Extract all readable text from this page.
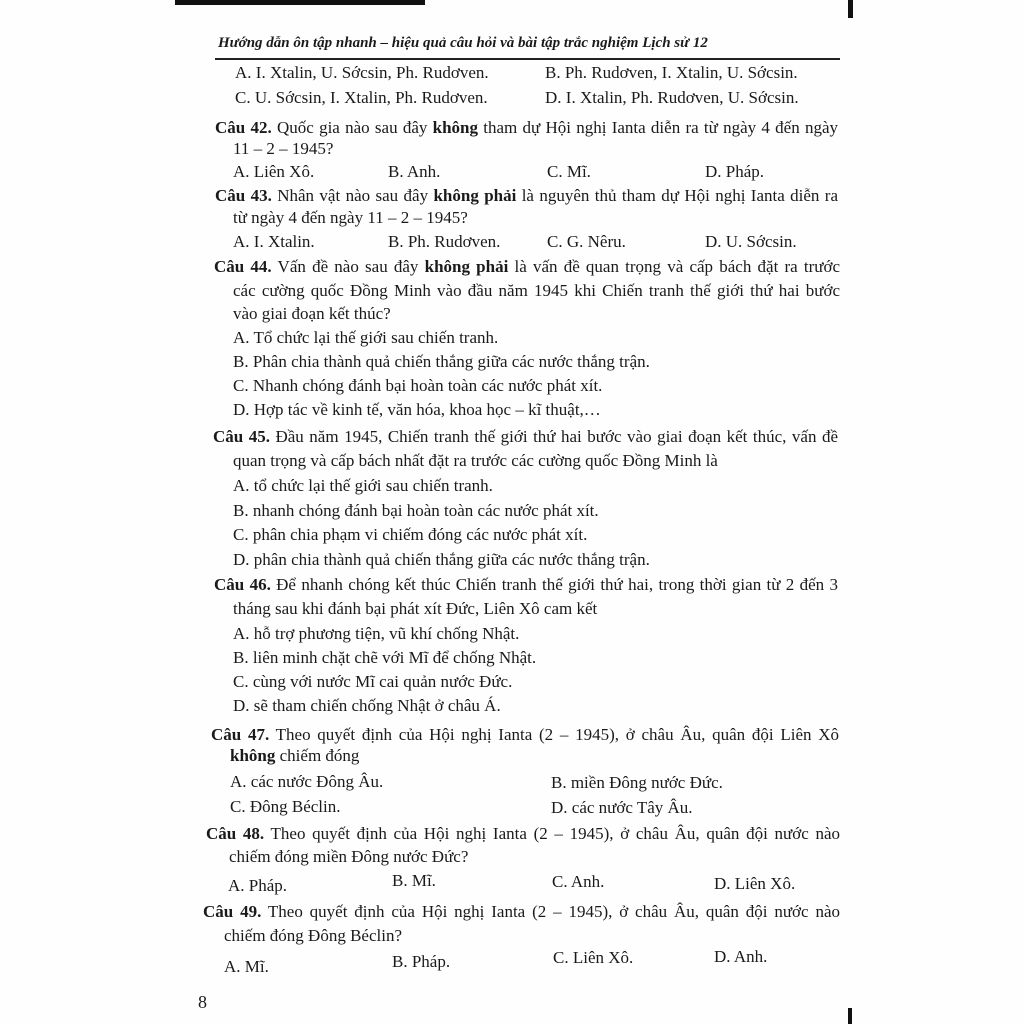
Hướng dẫn ôn tập nhanh – hiệu quả câu hỏi và bài tập trắc nghiệm Lịch sử 12
A. I. Xtalin, U. Sớcsin, Ph. Rudơven.	B. Ph. Rudơven, I. Xtalin, U. Sớcsin.
C. U. Sớcsin, I. Xtalin, Ph. Rudơven.	D. I. Xtalin, Ph. Rudơven, U. Sớcsin.
Câu 42. Quốc gia nào sau đây không tham dự Hội nghị Ianta diễn ra từ ngày 4 đến ngày
11 – 2 – 1945?
A. Liên Xô.	B. Anh.	C. Mĩ.	D. Pháp.
Câu 43. Nhân vật nào sau đây không phải là nguyên thủ tham dự Hội nghị Ianta diễn ra
từ ngày 4 đến ngày 11 – 2 – 1945?
A. I. Xtalin.	B. Ph. Rudơven.	C. G. Nêru.	D. U. Sớcsin.
Câu 44. Vấn đề nào sau đây không phải là vấn đề quan trọng và cấp bách đặt ra trước
các cường quốc Đồng Minh vào đầu năm 1945 khi Chiến tranh thế giới thứ hai bước
vào giai đoạn kết thúc?
A. Tổ chức lại thế giới sau chiến tranh.
B. Phân chia thành quả chiến thắng giữa các nước thắng trận.
C. Nhanh chóng đánh bại hoàn toàn các nước phát xít.
D. Hợp tác về kinh tế, văn hóa, khoa học – kĩ thuật,…
Câu 45. Đầu năm 1945, Chiến tranh thế giới thứ hai bước vào giai đoạn kết thúc, vấn đề
quan trọng và cấp bách nhất đặt ra trước các cường quốc Đồng Minh là
A. tổ chức lại thế giới sau chiến tranh.
B. nhanh chóng đánh bại hoàn toàn các nước phát xít.
C. phân chia phạm vi chiếm đóng các nước phát xít.
D. phân chia thành quả chiến thắng giữa các nước thắng trận.
Câu 46. Để nhanh chóng kết thúc Chiến tranh thế giới thứ hai, trong thời gian từ 2 đến 3
tháng sau khi đánh bại phát xít Đức, Liên Xô cam kết
A. hỗ trợ phương tiện, vũ khí chống Nhật.
B. liên minh chặt chẽ với Mĩ để chống Nhật.
C. cùng với nước Mĩ cai quản nước Đức.
D. sẽ tham chiến chống Nhật ở châu Á.
Câu 47. Theo quyết định của Hội nghị Ianta (2 – 1945), ở châu Âu, quân đội Liên Xô
không chiếm đóng
A. các nước Đông Âu.	B. miền Đông nước Đức.
C. Đông Béclin.	D. các nước Tây Âu.
Câu 48. Theo quyết định của Hội nghị Ianta (2 – 1945), ở châu Âu, quân đội nước nào
chiếm đóng miền Đông nước Đức?
A. Pháp.	B. Mĩ.	C. Anh.	D. Liên Xô.
Câu 49. Theo quyết định của Hội nghị Ianta (2 – 1945), ở châu Âu, quân đội nước nào
chiếm đóng Đông Béclin?
A. Mĩ.	B. Pháp.	C. Liên Xô.	D. Anh.
8
